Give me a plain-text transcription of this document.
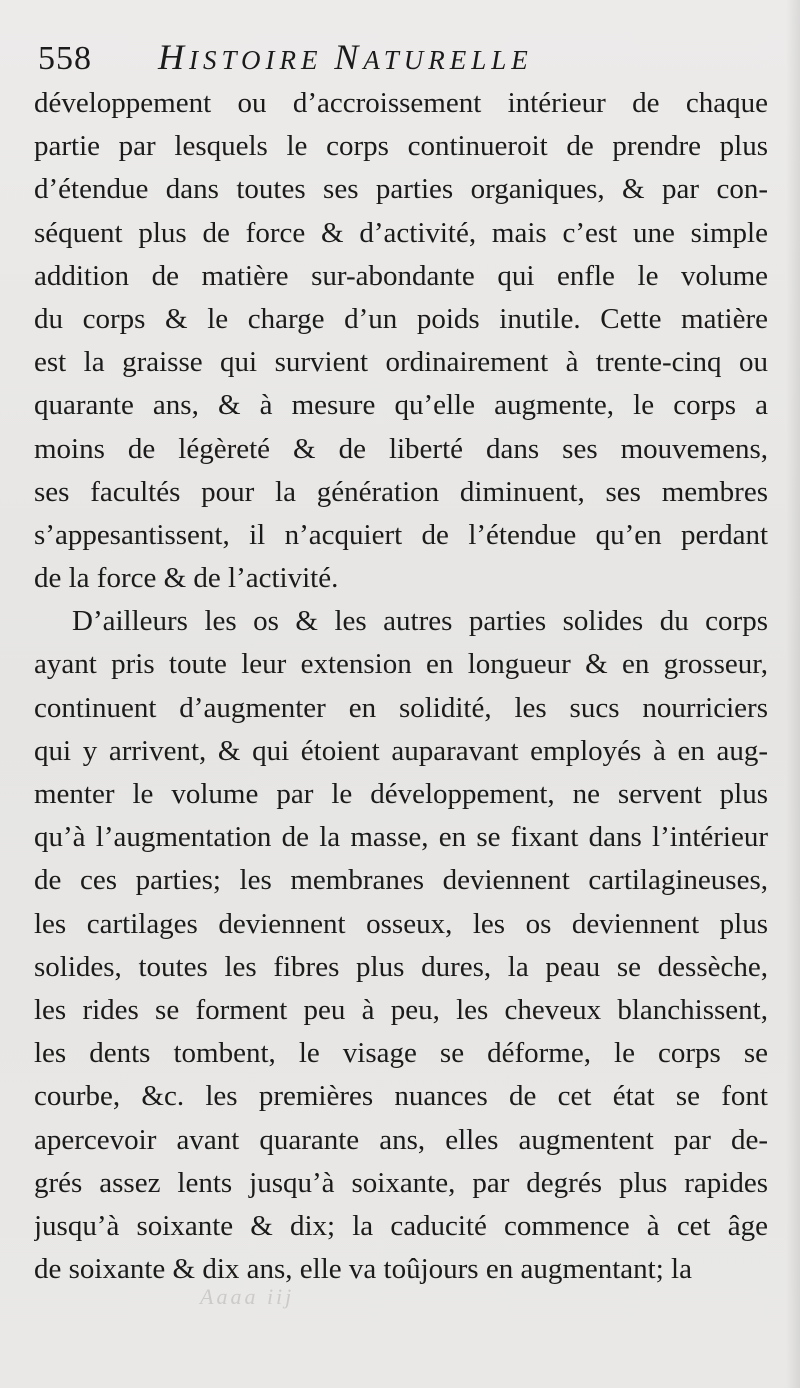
558 HISTOIRE NATURELLE
développement ou d’accroissement intérieur de chaque
partie par lesquels le corps continueroit de prendre plus
d’étendue dans toutes ses parties organiques, & par con-
séquent plus de force & d’activité, mais c’est une simple
addition de matière sur-abondante qui enfle le volume
du corps & le charge d’un poids inutile. Cette matière
est la graisse qui survient ordinairement à trente-cinq ou
quarante ans, & à mesure qu’elle augmente, le corps a
moins de légèreté & de liberté dans ses mouvemens,
ses facultés pour la génération diminuent, ses membres
s’appesantissent, il n’acquiert de l’étendue qu’en perdant
de la force & de l’activité.
D’ailleurs les os & les autres parties solides du corps
ayant pris toute leur extension en longueur & en grosseur,
continuent d’augmenter en solidité, les sucs nourriciers
qui y arrivent, & qui étoient auparavant employés à en aug-
menter le volume par le développement, ne servent plus
qu’à l’augmentation de la masse, en se fixant dans l’intérieur
de ces parties; les membranes deviennent cartilagineuses,
les cartilages deviennent osseux, les os deviennent plus
solides, toutes les fibres plus dures, la peau se dessèche,
les rides se forment peu à peu, les cheveux blanchissent,
les dents tombent, le visage se déforme, le corps se
courbe, &c. les premières nuances de cet état se font
apercevoir avant quarante ans, elles augmentent par de-
grés assez lents jusqu’à soixante, par degrés plus rapides
jusqu’à soixante & dix; la caducité commence à cet âge
de soixante & dix ans, elle va toûjours en augmentant; la
Aaaa iij
